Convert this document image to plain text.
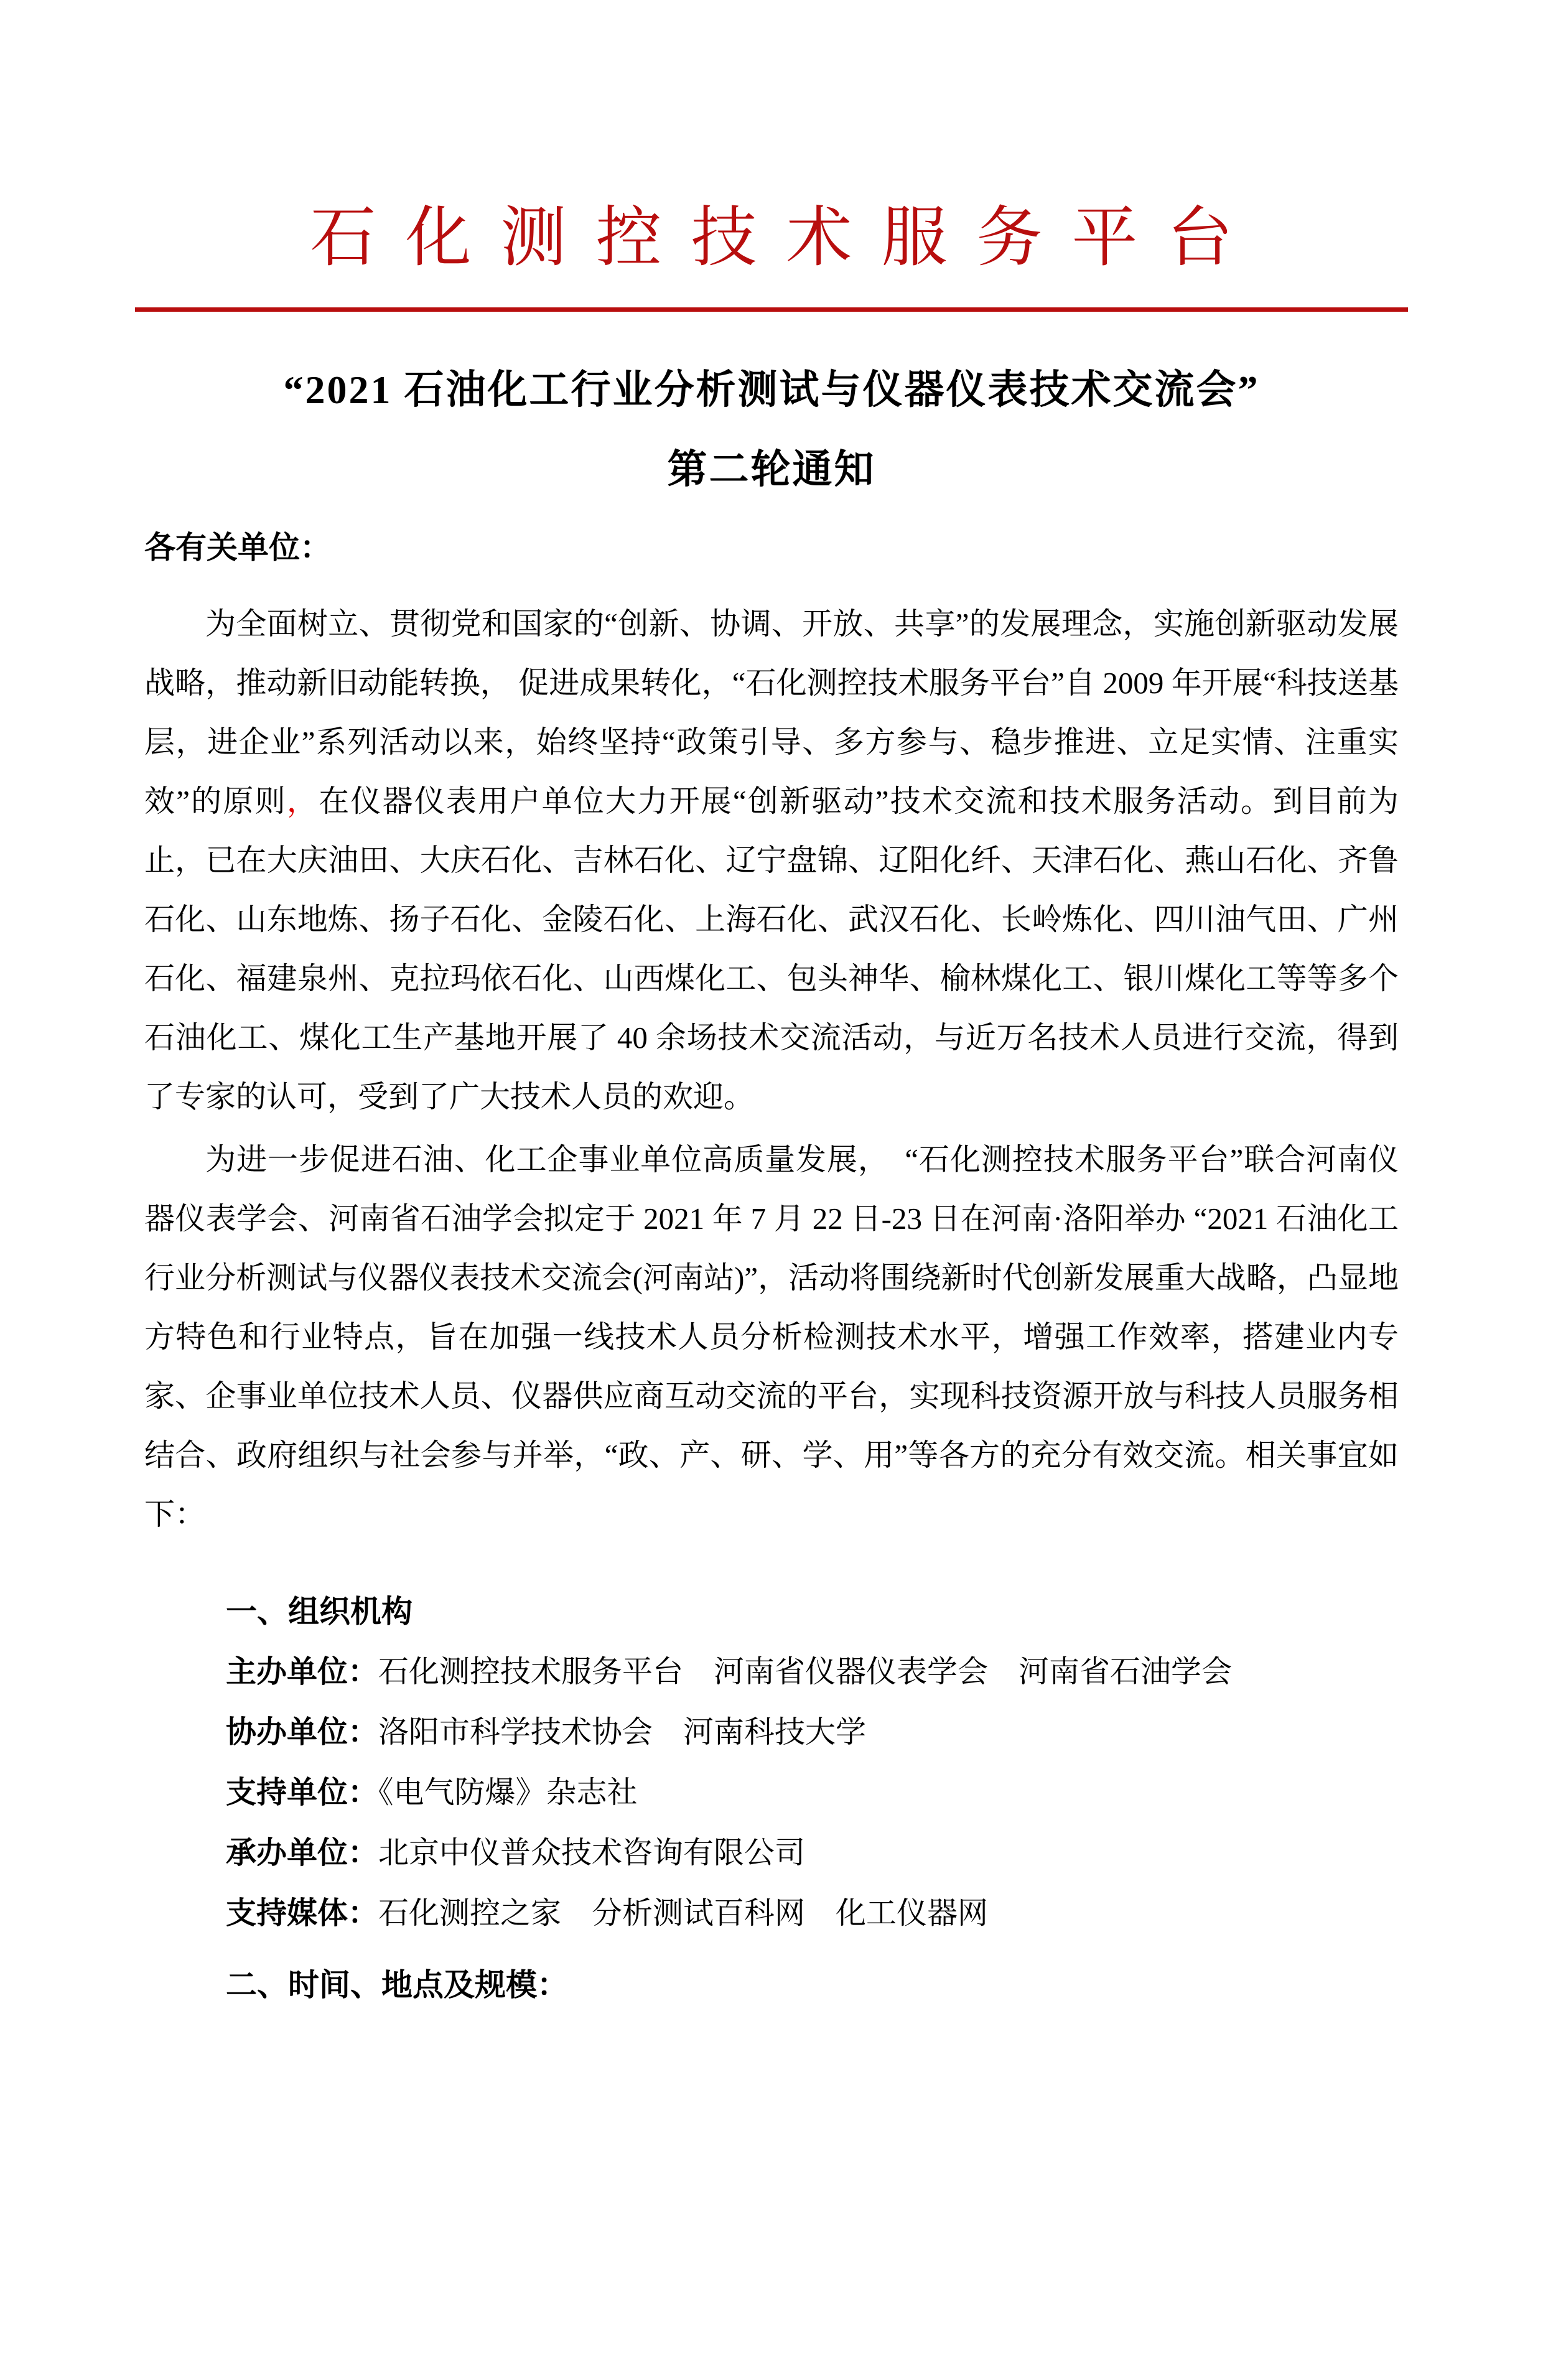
石化测控技术服务平台
“2021 石油化工行业分析测试与仪器仪表技术交流会”
第二轮通知
各有关单位：

为全面树立、贯彻党和国家的“创新、协调、开放、共享”的发展理念，实施创新驱动发展战略，推动新旧动能转换， 促进成果转化，“石化测控技术服务平台”自 2009 年开展“科技送基层，进企业”系列活动以来，始终坚持“政策引导、多方参与、稳步推进、立足实情、注重实效”的原则，在仪器仪表用户单位大力开展“创新驱动”技术交流和技术服务活动。到目前为止，已在大庆油田、大庆石化、吉林石化、辽宁盘锦、辽阳化纤、天津石化、燕山石化、齐鲁石化、山东地炼、扬子石化、金陵石化、上海石化、武汉石化、长岭炼化、四川油气田、广州石化、福建泉州、克拉玛依石化、山西煤化工、包头神华、榆林煤化工、银川煤化工等等多个石油化工、煤化工生产基地开展了 40 余场技术交流活动，与近万名技术人员进行交流，得到了专家的认可，受到了广大技术人员的欢迎。

为进一步促进石油、化工企事业单位高质量发展，　“石化测控技术服务平台”联合河南仪器仪表学会、河南省石油学会拟定于 2021 年 7 月 22 日-23 日在河南·洛阳举办 “2021 石油化工行业分析测试与仪器仪表技术交流会(河南站)”，活动将围绕新时代创新发展重大战略，凸显地方特色和行业特点，旨在加强一线技术人员分析检测技术水平，增强工作效率，搭建业内专家、企事业单位技术人员、仪器供应商互动交流的平台，实现科技资源开放与科技人员服务相结合、政府组织与社会参与并举，“政、产、研、学、用”等各方的充分有效交流。相关事宜如下：

一、组织机构
主办单位：石化测控技术服务平台　河南省仪器仪表学会　河南省石油学会
协办单位：洛阳市科学技术协会　河南科技大学
支持单位：《电气防爆》杂志社
承办单位：北京中仪普众技术咨询有限公司
支持媒体：石化测控之家　分析测试百科网　化工仪器网
二、时间、地点及规模：
